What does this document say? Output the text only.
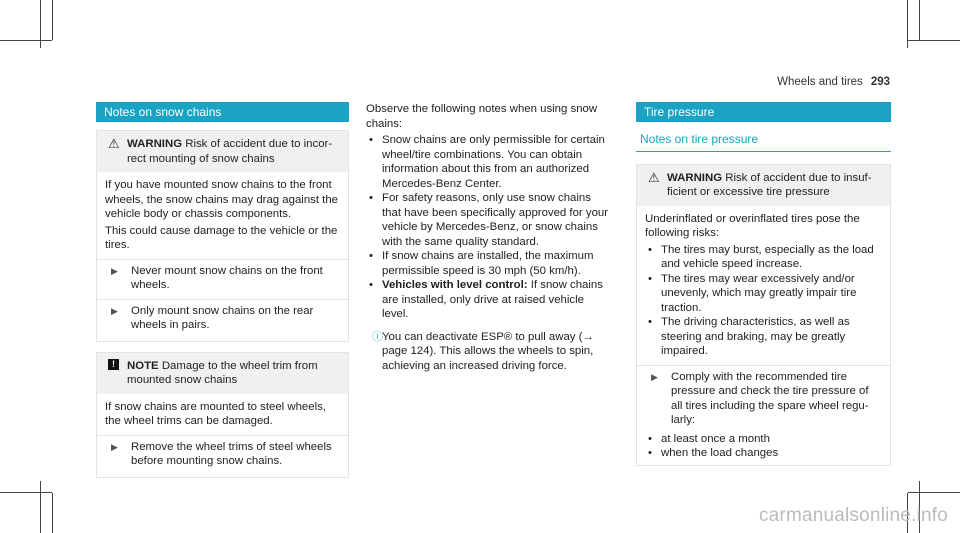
Wheels and tires 293
Notes on snow chains
⚠ WARNING Risk of accident due to incor- rect mounting of snow chains
If you have mounted snow chains to the front wheels, the snow chains may drag against the vehicle body or chassis components.
This could cause damage to the vehicle or the tires.
▶ Never mount snow chains on the front wheels.
▶ Only mount snow chains on the rear wheels in pairs.
!	NOTE Damage to the wheel trim from mounted snow chains
If snow chains are mounted to steel wheels, the wheel trims can be damaged.
▶ Remove the wheel trims of steel wheels before mounting snow chains.
Observe the following notes when using snow chains:
• Snow chains are only permissible for certain wheel/tire combinations. You can obtain information about this from an authorized Mercedes-Benz Center.
• For safety reasons, only use snow chains that have been specifically approved for your vehicle by Mercedes-Benz, or snow chains with the same quality standard.
• If snow chains are installed, the maximum permissible speed is 30 mph (50 km/h).
• Vehicles with level control: If snow chains are installed, only drive at raised vehicle level.
ⓘ You can deactivate ESP® to pull away (→ page 124). This allows the wheels to spin, achieving an increased driving force.
Tire pressure
Notes on tire pressure
⚠ WARNING Risk of accident due to insuf- ficient or excessive tire pressure
Underinflated or overinflated tires pose the following risks:
• The tires may burst, especially as the load and vehicle speed increase.
• The tires may wear excessively and/or unevenly, which may greatly impair tire traction.
• The driving characteristics, as well as steering and braking, may be greatly impaired.
▶ Comply with the recommended tire pressure and check the tire pressure of all tires including the spare wheel regu- larly:
• at least once a month
• when the load changes
carmanualsonline.info
